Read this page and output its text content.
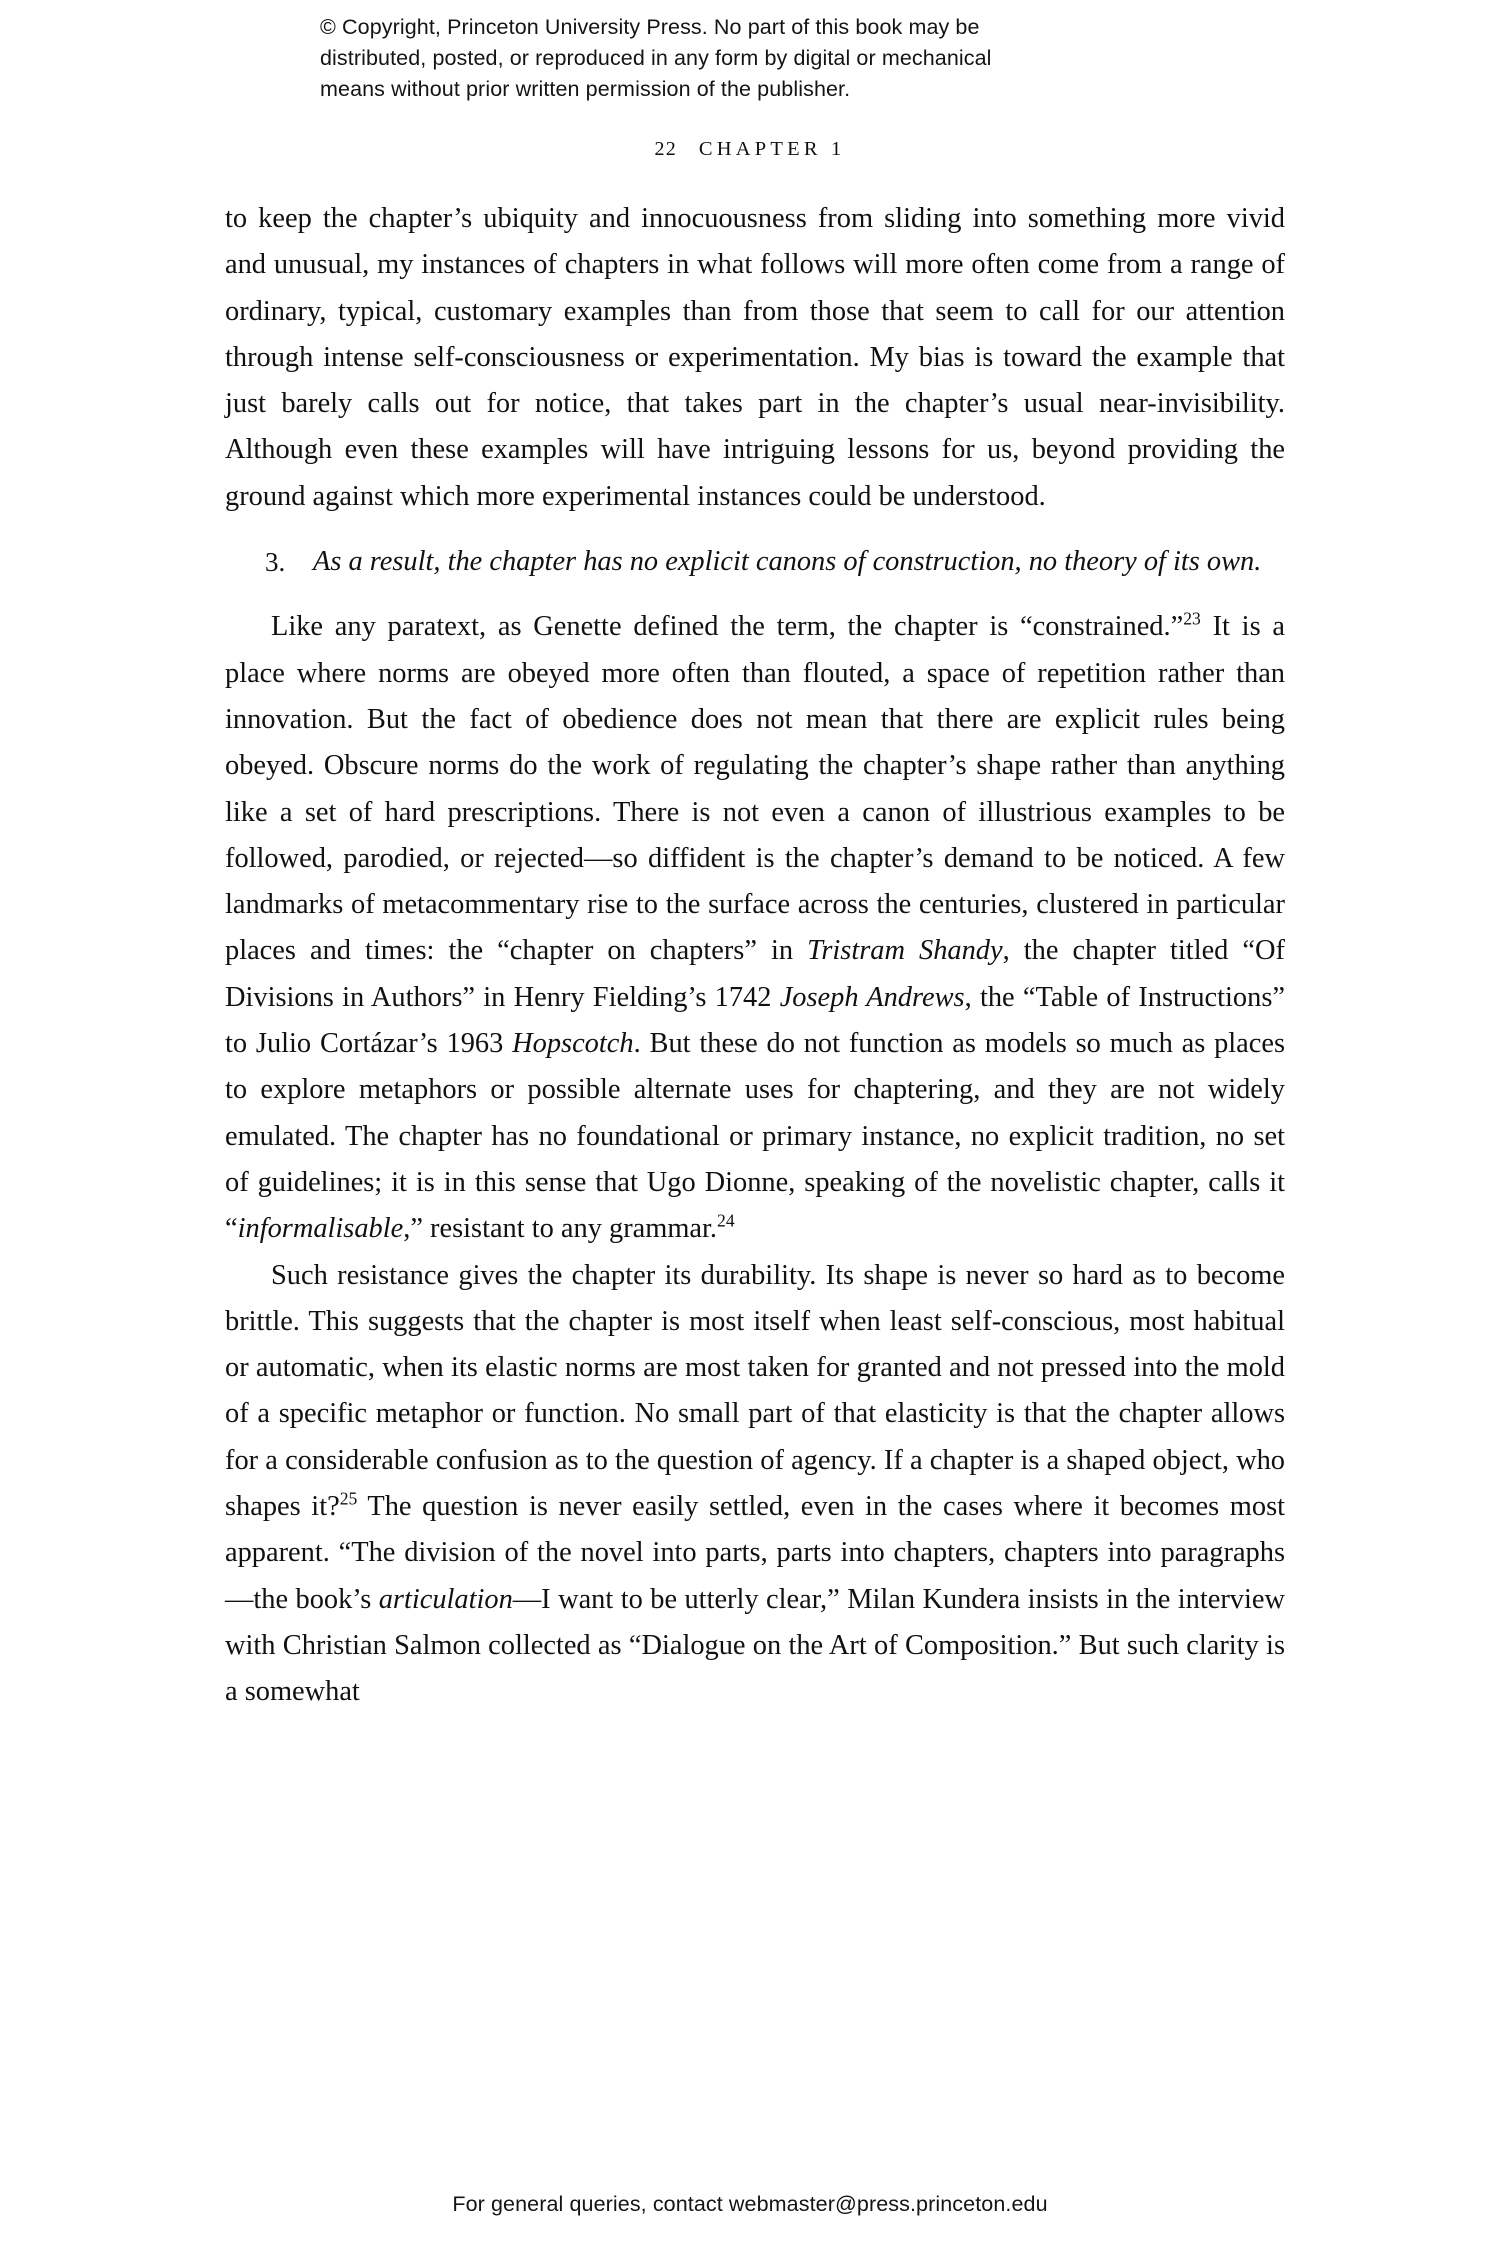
© Copyright, Princeton University Press. No part of this book may be
distributed, posted, or reproduced in any form by digital or mechanical
means without prior written permission of the publisher.
22 CHAPTER 1

to keep the chapter’s ubiquity and innocuousness from sliding into something more vivid and unusual, my instances of chapters in what follows will more often come from a range of ordinary, typical, customary examples than from those that seem to call for our attention through intense self-consciousness or experimentation. My bias is toward the example that just barely calls out for notice, that takes part in the chapter’s usual near-invisibility. Although even these examples will have intriguing lessons for us, beyond providing the ground against which more experimental instances could be understood.

3. As a result, the chapter has no explicit canons of construction, no theory of its own.

Like any paratext, as Genette defined the term, the chapter is “constrained.”$^{23}$ It is a place where norms are obeyed more often than flouted, a space of repetition rather than innovation. But the fact of obedience does not mean that there are explicit rules being obeyed. Obscure norms do the work of regulating the chapter’s shape rather than anything like a set of hard prescriptions. There is not even a canon of illustrious examples to be followed, parodied, or rejected—so diffident is the chapter’s demand to be noticed. A few landmarks of metacommentary rise to the surface across the centuries, clustered in particular places and times: the “chapter on chapters” in Tristram Shandy, the chapter titled “Of Divisions in Authors” in Henry Fielding’s 1742 Joseph Andrews, the “Table of Instructions” to Julio Cortázar’s 1963 Hopscotch. But these do not function as models so much as places to explore metaphors or possible alternate uses for chaptering, and they are not widely emulated. The chapter has no foundational or primary instance, no explicit tradition, no set of guidelines; it is in this sense that Ugo Dionne, speaking of the novelistic chapter, calls it “informalisable,” resistant to any grammar.$^{24}$

Such resistance gives the chapter its durability. Its shape is never so hard as to become brittle. This suggests that the chapter is most itself when least self-conscious, most habitual or automatic, when its elastic norms are most taken for granted and not pressed into the mold of a specific metaphor or function. No small part of that elasticity is that the chapter allows for a considerable confusion as to the question of agency. If a chapter is a shaped object, who shapes it?$^{25}$ The question is never easily settled, even in the cases where it becomes most apparent. “The division of the novel into parts, parts into chapters, chapters into paragraphs—the book’s articulation—I want to be utterly clear,” Milan Kundera insists in the interview with Christian Salmon collected as “Dialogue on the Art of Composition.” But such clarity is a somewhat

For general queries, contact webmaster@press.princeton.edu
